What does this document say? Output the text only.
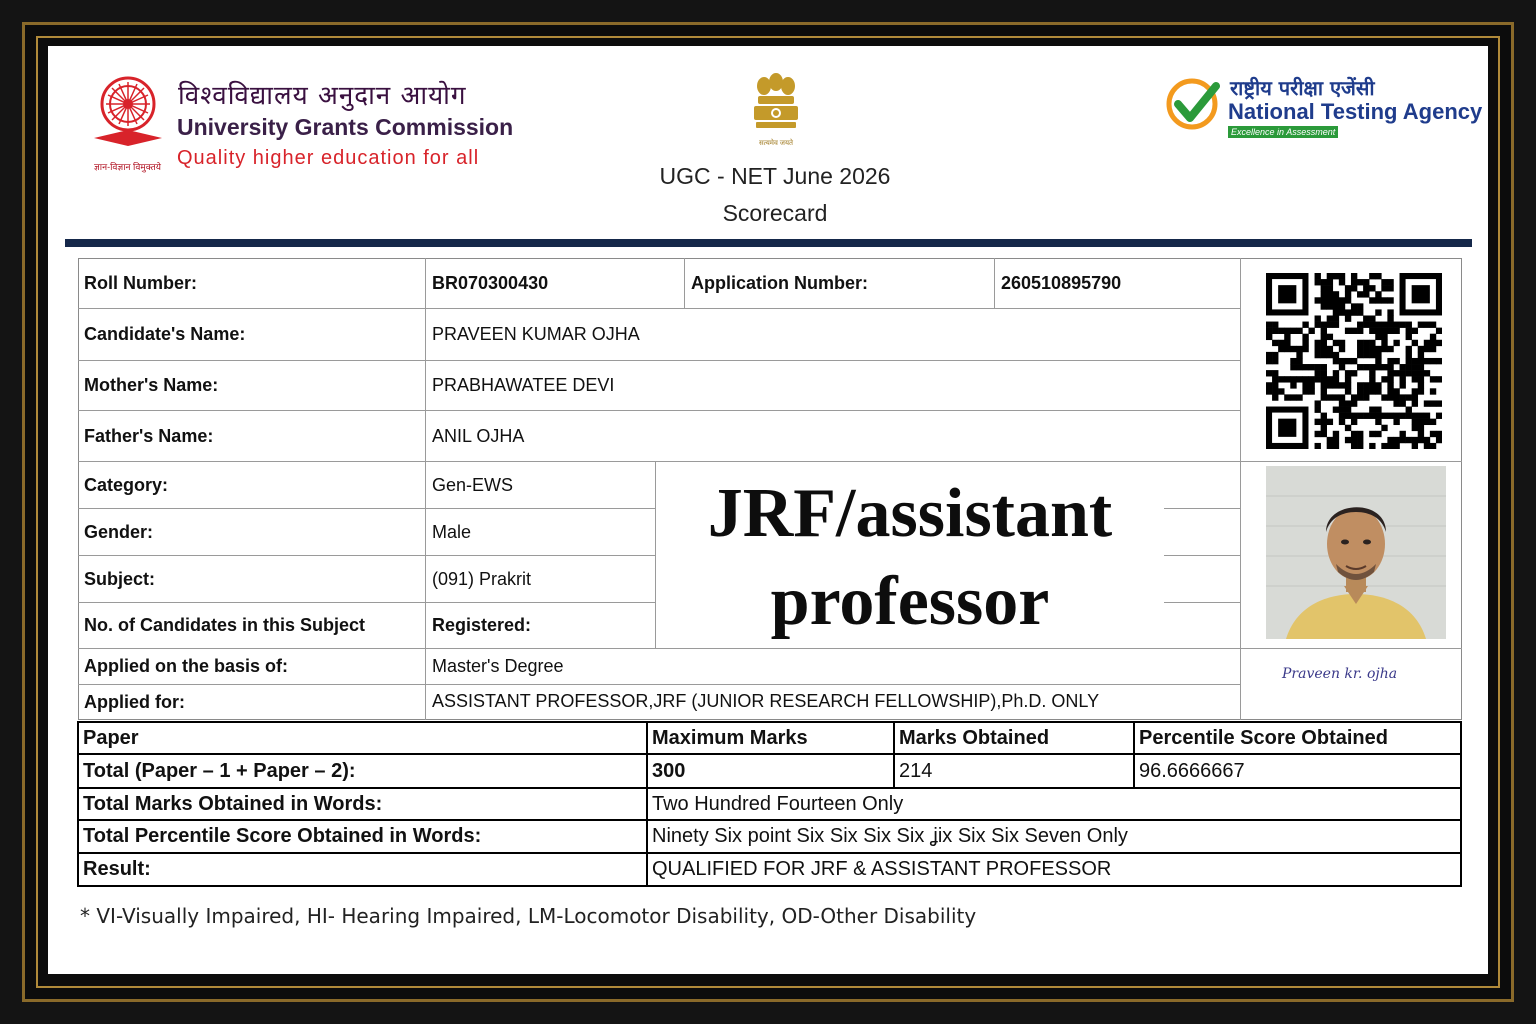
विश्वविद्यालय अनुदान आयोग
University Grants Commission
Quality higher education for all
ज्ञान-विज्ञान विमुक्तये
सत्यमेव जयते
UGC - NET June 2026
Scorecard
राष्ट्रीय परीक्षा एजेंसी
National Testing Agency
Excellence in Assessment
Roll Number:	BR070300430	Application Number:	260510895790
Candidate's Name:	PRAVEEN KUMAR OJHA
Mother's Name:	PRABHAWATEE DEVI
Father's Name:	ANIL OJHA
Category:	Gen-EWS
Gender:	Male
Subject:	(091) Prakrit
No. of Candidates in this Subject	Registered:
Applied on the basis of:	Master's Degree
Applied for:	ASSISTANT PROFESSOR,JRF (JUNIOR RESEARCH FELLOWSHIP),Ph.D. ONLY
Praveen kr. ojha
JRF/assistant
professor
Paper	Maximum Marks	Marks Obtained	Percentile Score Obtained
Total (Paper – 1 + Paper – 2):	300	214	96.6666667
Total Marks Obtained in Words:	Two Hundred Fourteen Only
Total Percentile Score Obtained in Words:	Ninety Six point Six Six Six Six ʝix Six Six Seven Only
Result:	QUALIFIED FOR JRF & ASSISTANT PROFESSOR
* VI-Visually Impaired, HI- Hearing Impaired, LM-Locomotor Disability, OD-Other Disability
